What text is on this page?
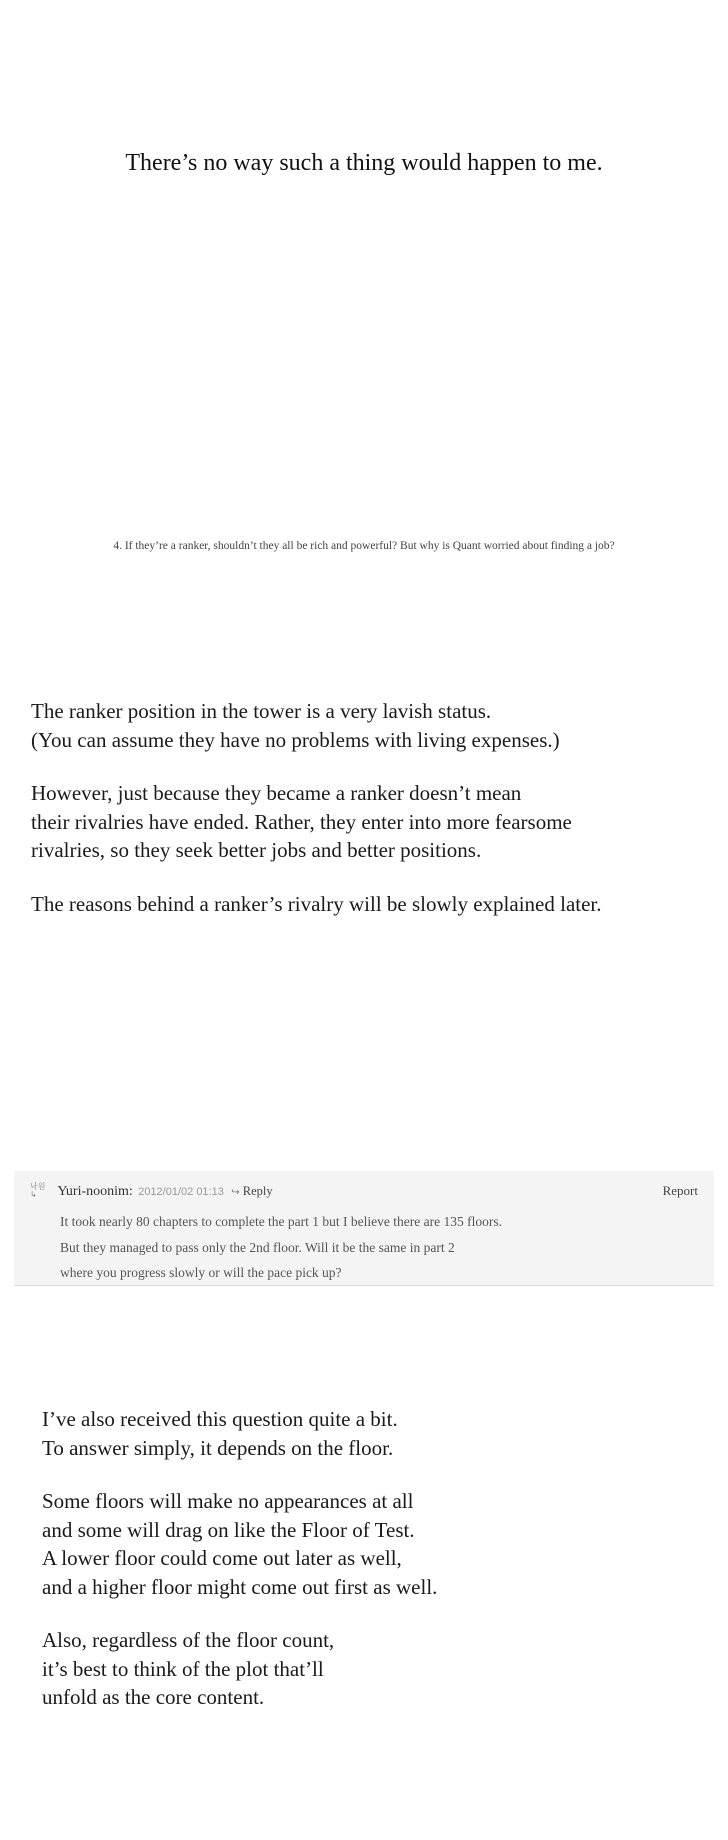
There’s no way such a thing would happen to me.
4. If they’re a ranker, shouldn’t they all be rich and powerful? But why is Quant worried about finding a job?

The ranker position in the tower is a very lavish status.
(You can assume they have no problems with living expenses.)

However, just because they became a ranker doesn’t mean
their rivalries have ended. Rather, they enter into more fearsome
rivalries, so they seek better jobs and better positions.

The reasons behind a ranker’s rivalry will be slowly explained later.

낙원
↳ Yuri-noonim: 2012/01/02 01:13 ↪ Reply	Report
It took nearly 80 chapters to complete the part 1 but I believe there are 135 floors.
But they managed to pass only the 2nd floor. Will it be the same in part 2
where you progress slowly or will the pace pick up?

I’ve also received this question quite a bit.
To answer simply, it depends on the floor.

Some floors will make no appearances at all
and some will drag on like the Floor of Test.
A lower floor could come out later as well,
and a higher floor might come out first as well.

Also, regardless of the floor count,
it’s best to think of the plot that’ll
unfold as the core content.
